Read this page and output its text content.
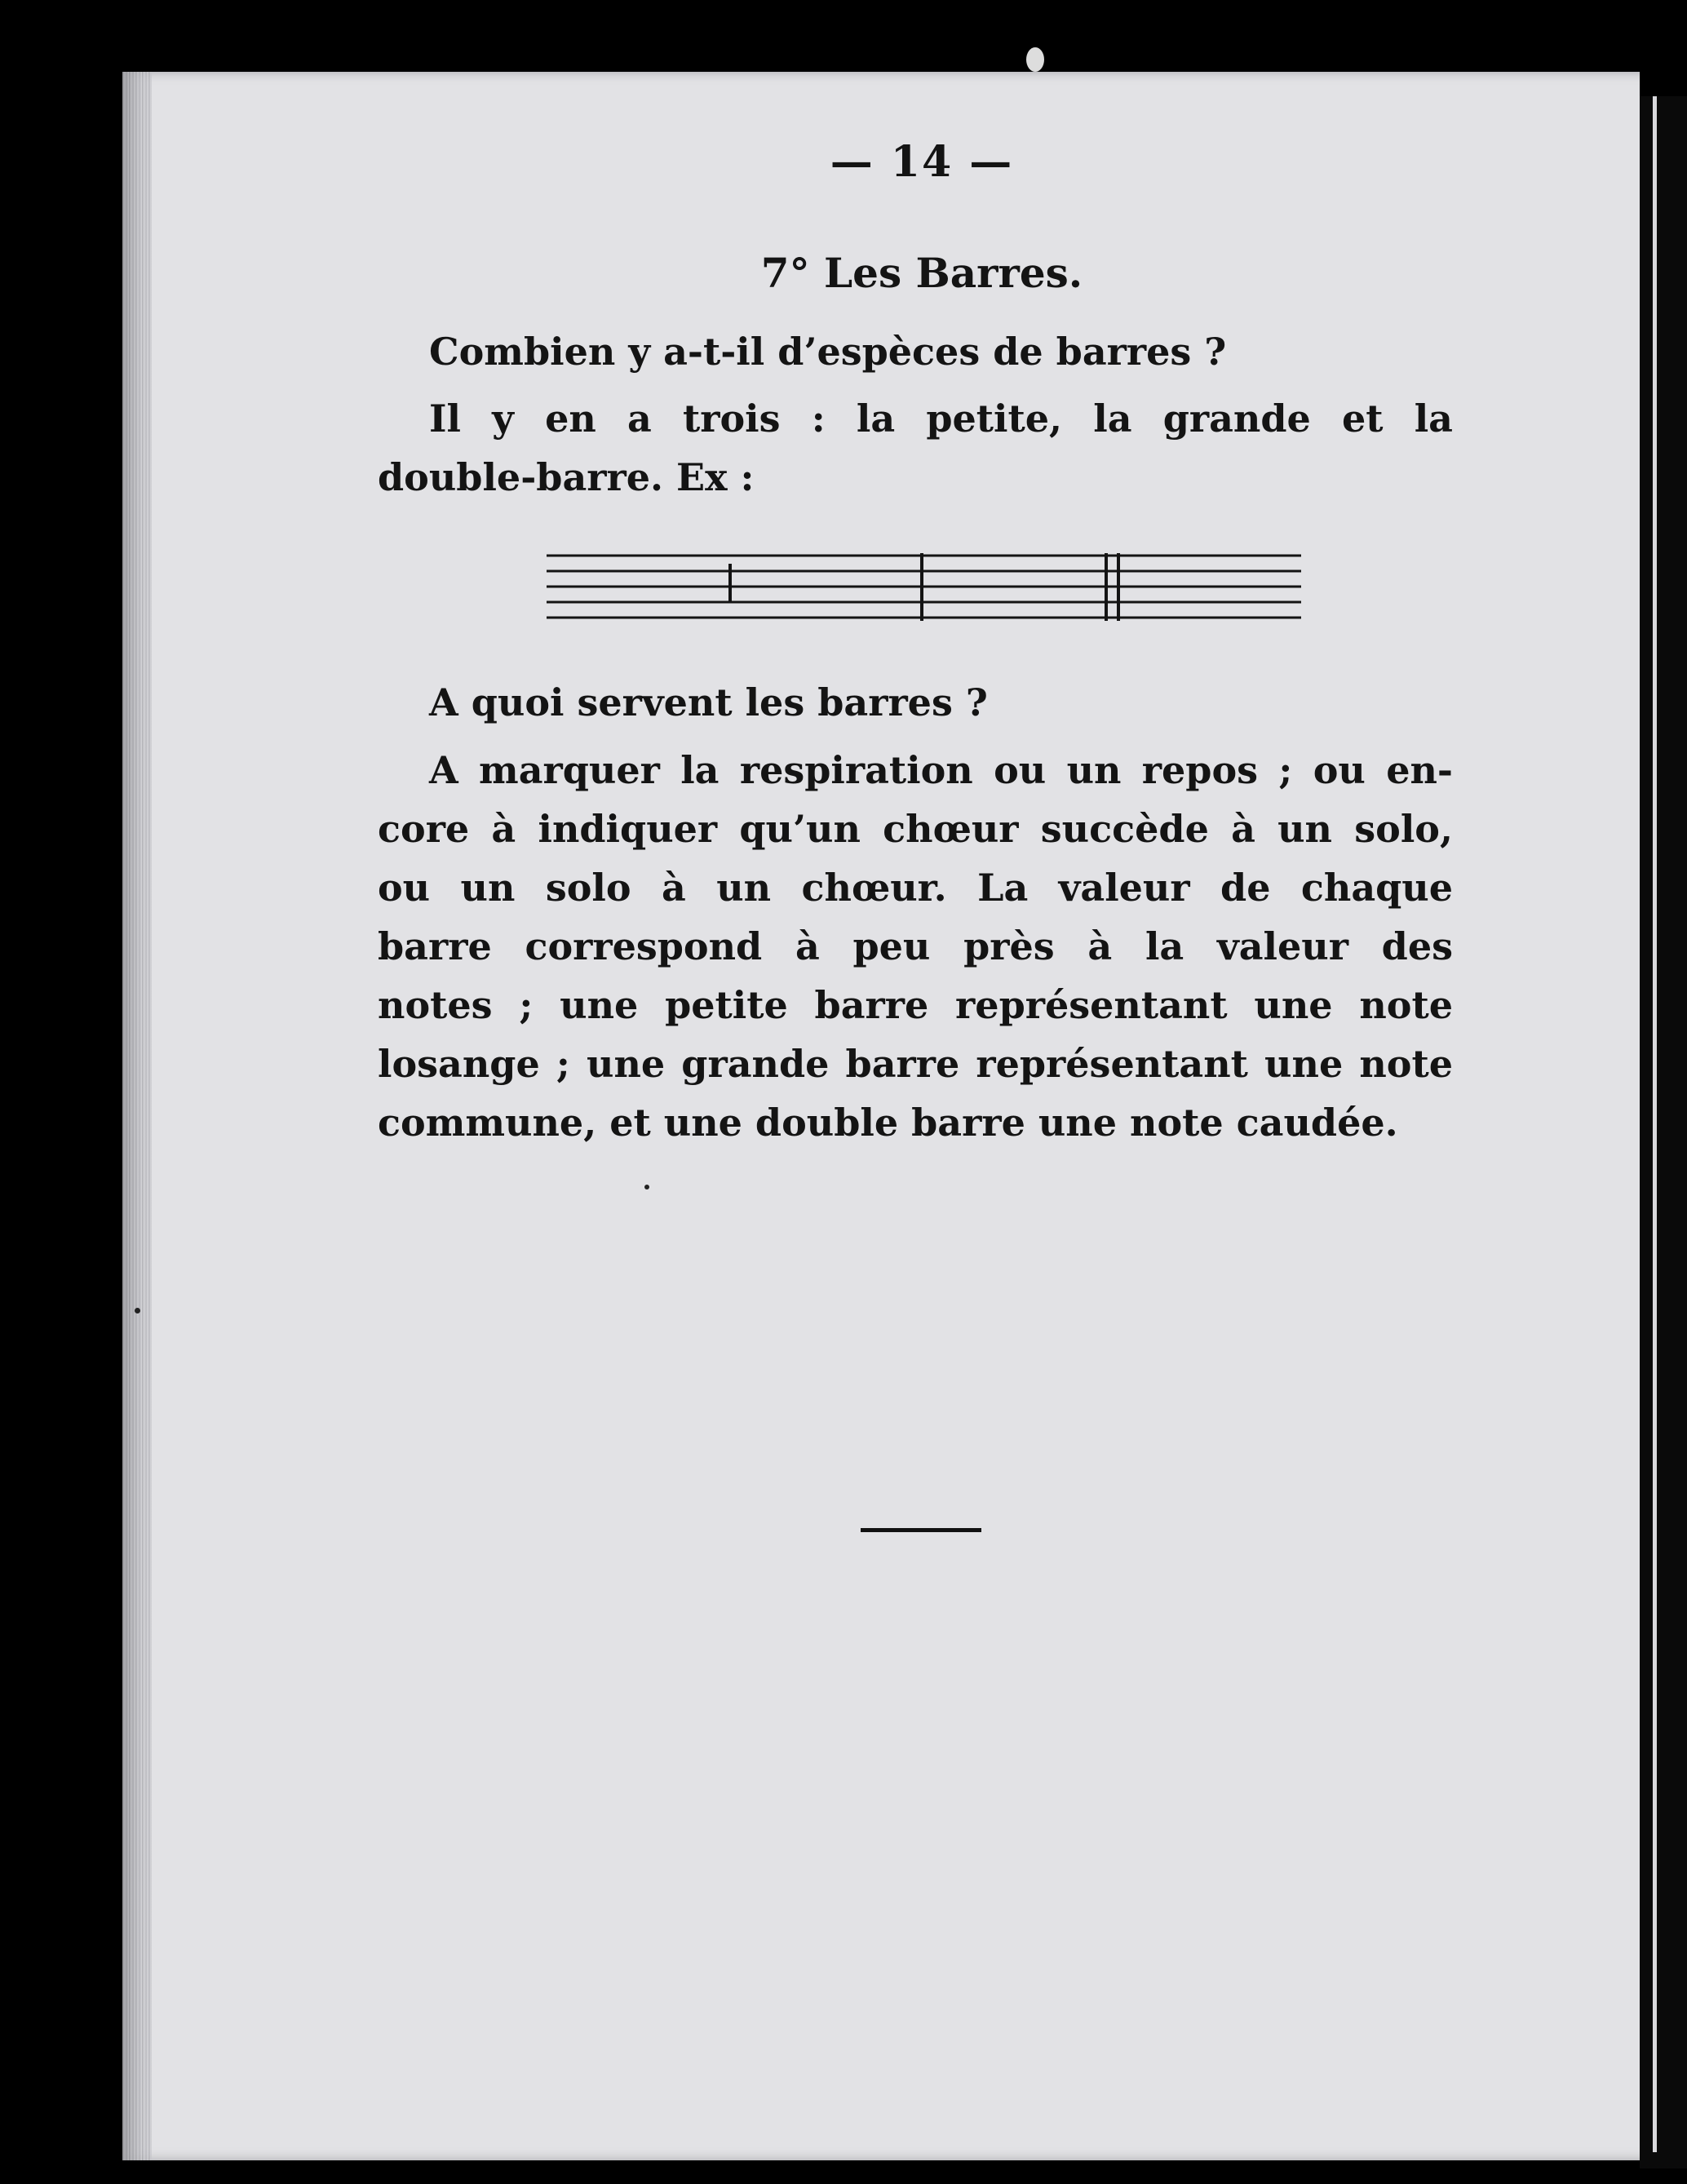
— 14 —
7° Les Barres.
Combien y a-t-il d’espèces de barres ?
Il y en a trois : la petite, la grande et la
double-barre. Ex :
A quoi servent les barres ?
A marquer la respiration ou un repos ; ou en-
core à indiquer qu’un chœur succède à un solo,
ou un solo à un chœur. La valeur de chaque
barre correspond à peu près à la valeur des
notes ; une petite barre représentant une note
losange ; une grande barre représentant une note
commune, et une double barre une note caudée.
